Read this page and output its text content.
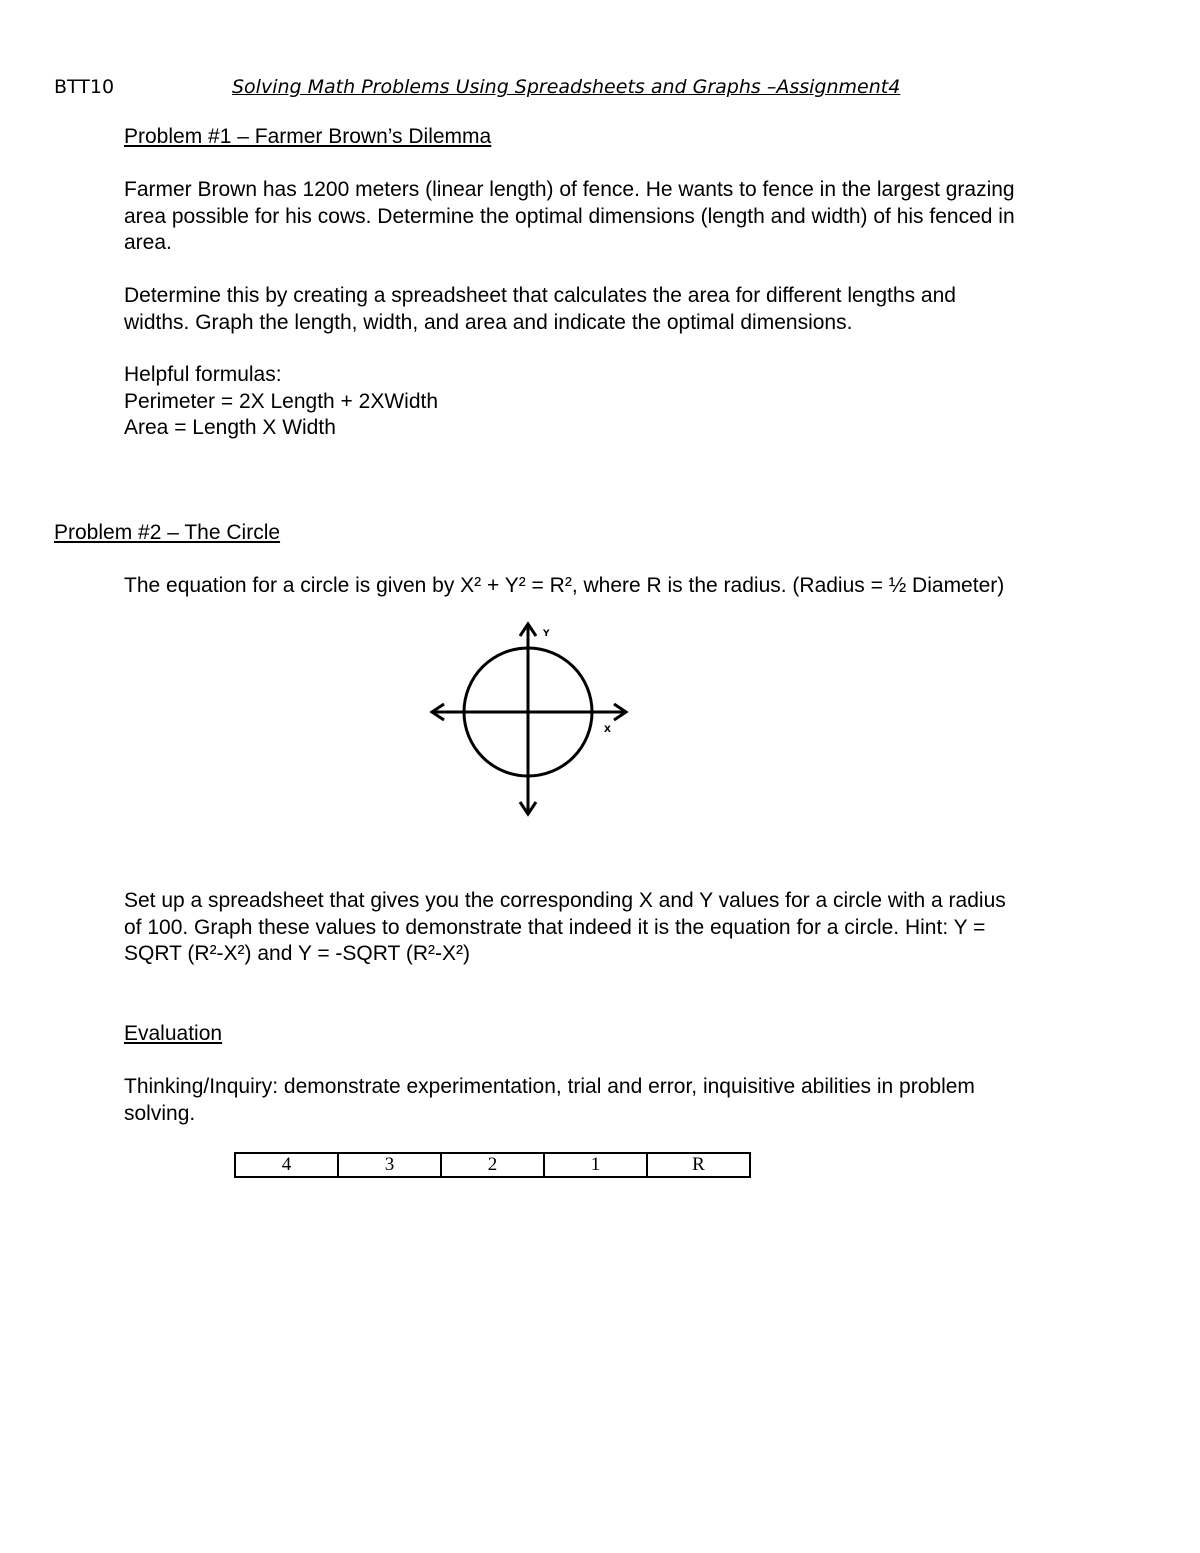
BTT10	Solving Math Problems Using Spreadsheets and Graphs –Assignment4
Problem #1 – Farmer Brown’s Dilemma
Farmer Brown has 1200 meters (linear length) of fence. He wants to fence in the largest grazing
area possible for his cows. Determine the optimal dimensions (length and width) of his fenced in
area.
Determine this by creating a spreadsheet that calculates the area for different lengths and
widths. Graph the length, width, and area and indicate the optimal dimensions.
Helpful formulas:
Perimeter = 2X Length + 2XWidth
Area = Length X Width
Problem #2 – The Circle
The equation for a circle is given by X² + Y² = R², where R is the radius. (Radius = ½ Diameter)
Y
X
Set up a spreadsheet that gives you the corresponding X and Y values for a circle with a radius
of 100. Graph these values to demonstrate that indeed it is the equation for a circle. Hint: Y =
SQRT (R²-X²) and Y = -SQRT (R²-X²)
Evaluation
Thinking/Inquiry: demonstrate experimentation, trial and error, inquisitive abilities in problem
solving.
4	3	2	1	R
